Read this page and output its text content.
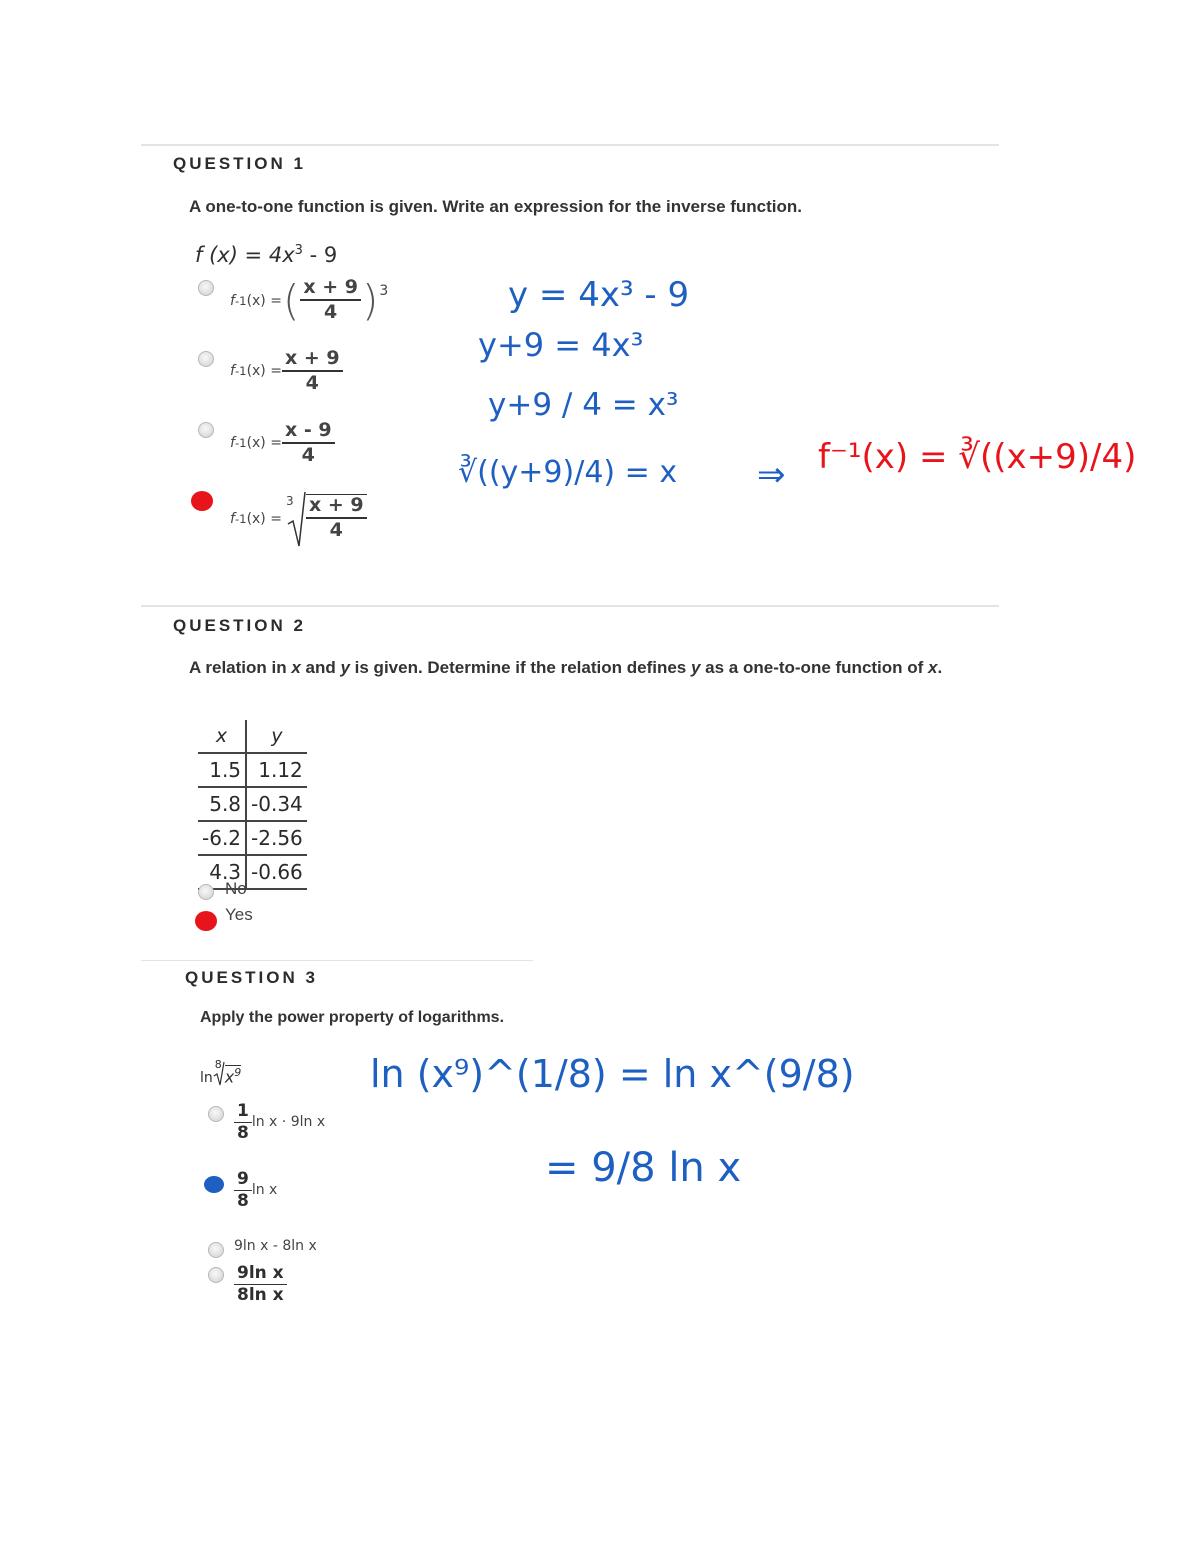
QUESTION 1
A one-to-one function is given. Write an expression for the inverse function.
f $(x) = 4x^3 - 9$
f -1 (x) = ( $\frac{x + 9}{4}$ ) 3
f -1 $(x) = \frac{x + 9}{4}$
f -1 $(x) = \frac{x - 9}{4}$
f -1 (x) =
$3 \frac{x + 9}{4}$
y = 4x³ - 9
y+9 = 4x³
y+9 / 4 = x³
∛((y+9)/4) = x ⇒ f⁻¹(x) = ∛((x+9)/4)
QUESTION 2
A relation in x and y is given. Determine if the relation defines y as a one-to-one function of x.
x	y
1.5	1.12
5.8	-0.34
-6.2	-2.56
4.3	-0.66
No
Yes
QUESTION 3
Apply the power property of logarithms.
ln
8
$x^9$
$\frac{1}{8}$ ln x · 9ln x
$\frac{9}{8}$ ln x
9ln x - 8ln x
$\frac{\text{9ln x}}{\text{8ln x}}$
ln (x⁹)^(1/8) = ln x^(9/8)
= 9/8 ln x
